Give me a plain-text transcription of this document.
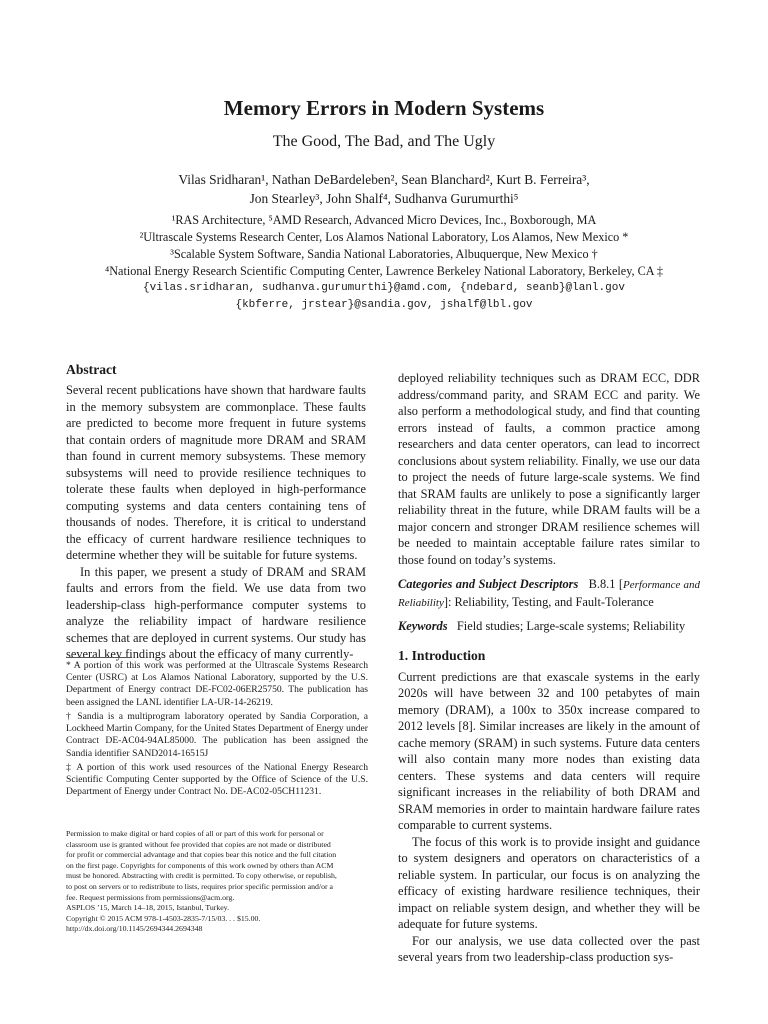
Memory Errors in Modern Systems
The Good, The Bad, and The Ugly
Vilas Sridharan¹, Nathan DeBardeleben², Sean Blanchard², Kurt B. Ferreira³,
Jon Stearley³, John Shalf⁴, Sudhanva Gurumurthi⁵
¹RAS Architecture, ⁵AMD Research, Advanced Micro Devices, Inc., Boxborough, MA
²Ultrascale Systems Research Center, Los Alamos National Laboratory, Los Alamos, New Mexico *
³Scalable System Software, Sandia National Laboratories, Albuquerque, New Mexico †
⁴National Energy Research Scientific Computing Center, Lawrence Berkeley National Laboratory, Berkeley, CA ‡
{vilas.sridharan, sudhanva.gurumurthi}@amd.com, {ndebard, seanb}@lanl.gov
{kbferre, jrstear}@sandia.gov, jshalf@lbl.gov
Abstract

Several recent publications have shown that hardware faults in the memory subsystem are commonplace. These faults are predicted to become more frequent in future systems that contain orders of magnitude more DRAM and SRAM than found in current memory subsystems. These memory subsystems will need to provide resilience techniques to tolerate these faults when deployed in high-performance computing systems and data centers containing tens of thousands of nodes. Therefore, it is critical to understand the efficacy of current hardware resilience techniques to determine whether they will be suitable for future systems.

In this paper, we present a study of DRAM and SRAM faults and errors from the field. We use data from two leadership-class high-performance computer systems to analyze the reliability impact of hardware resilience schemes that are deployed in current systems. Our study has several key findings about the efficacy of many currently-

* A portion of this work was performed at the Ultrascale Systems Research Center (USRC) at Los Alamos National Laboratory, supported by the U.S. Department of Energy contract DE-FC02-06ER25750. The publication has been assigned the LANL identifier LA-UR-14-26219.
† Sandia is a multiprogram laboratory operated by Sandia Corporation, a Lockheed Martin Company, for the United States Department of Energy under Contract DE-AC04-94AL85000. The publication has been assigned the Sandia identifier SAND2014-16515J
‡ A portion of this work used resources of the National Energy Research Scientific Computing Center supported by the Office of Science of the U.S. Department of Energy under Contract No. DE-AC02-05CH11231.
Permission to make digital or hard copies of all or part of this work for personal or
classroom use is granted without fee provided that copies are not made or distributed
for profit or commercial advantage and that copies bear this notice and the full citation
on the first page. Copyrights for components of this work owned by others than ACM
must be honored. Abstracting with credit is permitted. To copy otherwise, or republish,
to post on servers or to redistribute to lists, requires prior specific permission and/or a
fee. Request permissions from permissions@acm.org.
ASPLOS ’15, March 14–18, 2015, Istanbul, Turkey.
Copyright © 2015 ACM 978-1-4503-2835-7/15/03. . . $15.00.
http://dx.doi.org/10.1145/2694344.2694348

deployed reliability techniques such as DRAM ECC, DDR address/command parity, and SRAM ECC and parity. We also perform a methodological study, and find that counting errors instead of faults, a common practice among researchers and data center operators, can lead to incorrect conclusions about system reliability. Finally, we use our data to project the needs of future large-scale systems. We find that SRAM faults are unlikely to pose a significantly larger reliability threat in the future, while DRAM faults will be a major concern and stronger DRAM resilience schemes will be needed to maintain acceptable failure rates similar to those found on today’s systems.

Categories and Subject Descriptors B.8.1 [Performance and Reliability]: Reliability, Testing, and Fault-Tolerance

Keywords Field studies; Large-scale systems; Reliability

1. Introduction

Current predictions are that exascale systems in the early 2020s will have between 32 and 100 petabytes of main memory (DRAM), a 100x to 350x increase compared to 2012 levels [8]. Similar increases are likely in the amount of cache memory (SRAM) in such systems. Future data centers will also contain many more nodes than existing data centers. These systems and data centers will require significant increases in the reliability of both DRAM and SRAM memories in order to maintain hardware failure rates comparable to current systems.

The focus of this work is to provide insight and guidance to system designers and operators on characteristics of a reliable system. In particular, our focus is on analyzing the efficacy of existing hardware resilience techniques, their impact on reliable system design, and whether they will be adequate for future systems.

For our analysis, we use data collected over the past several years from two leadership-class production sys-
